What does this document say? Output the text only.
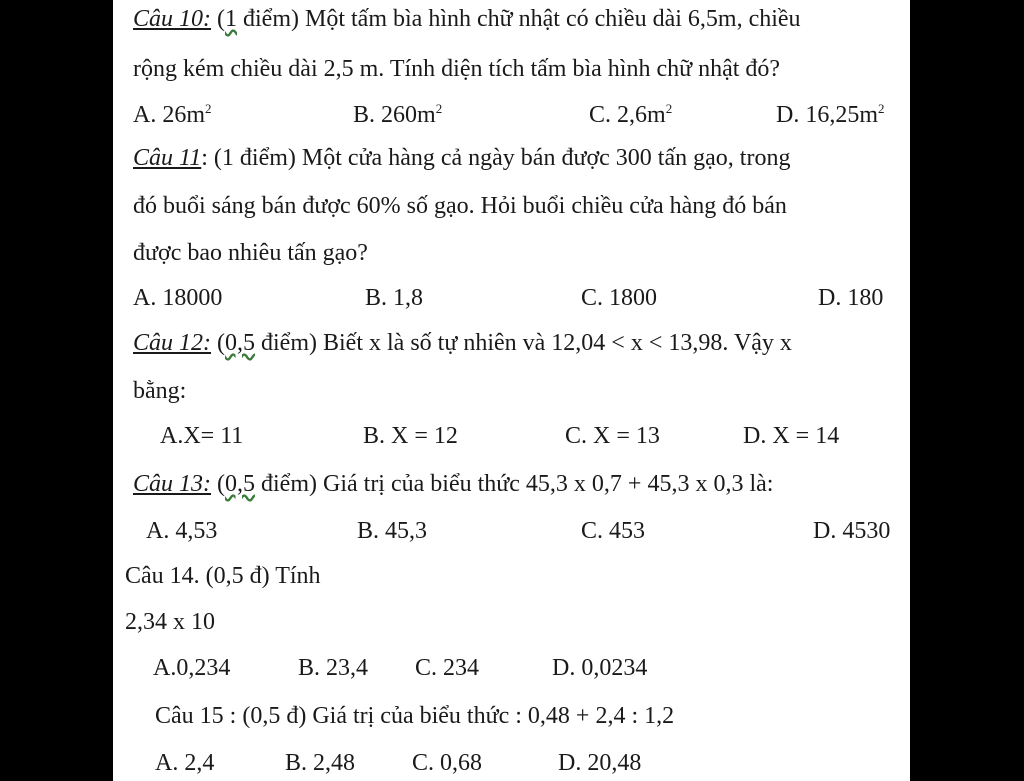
Câu 10: (1 điểm) Một tấm bìa hình chữ nhật có chiều dài 6,5m, chiều
rộng kém chiều dài 2,5 m. Tính diện tích tấm bìa hình chữ nhật đó?
A. $26m^2$	B. $260m^2$	C. $2,6m^2$	D. $16,25m^2$
Câu 11: (1 điểm) Một cửa hàng cả ngày bán được 300 tấn gạo, trong
đó buổi sáng bán được 60% số gạo. Hỏi buổi chiều cửa hàng đó bán
được bao nhiêu tấn gạo?
A. 18000	B. 1,8	C. 1800	D. 180
Câu 12: (0,5 điểm) Biết x là số tự nhiên và 12,04 < x < 13,98. Vậy x
bằng:
A.X= 11	B. X = 12	C. X = 13	D. X = 14
Câu 13: (0,5 điểm) Giá trị của biểu thức 45,3 x 0,7 + 45,3 x 0,3 là:
A. 4,53	B. 45,3	C. 453	D. 4530
Câu 14. (0,5 đ) Tính
2,34 x 10
A.0,234	B. 23,4 C. 234	D. 0,0234
Câu 15 : (0,5 đ) Giá trị của biểu thức : 0,48 + 2,4 : 1,2
A. 2,4	B. 2,48 C. 0,68	D. 20,48
